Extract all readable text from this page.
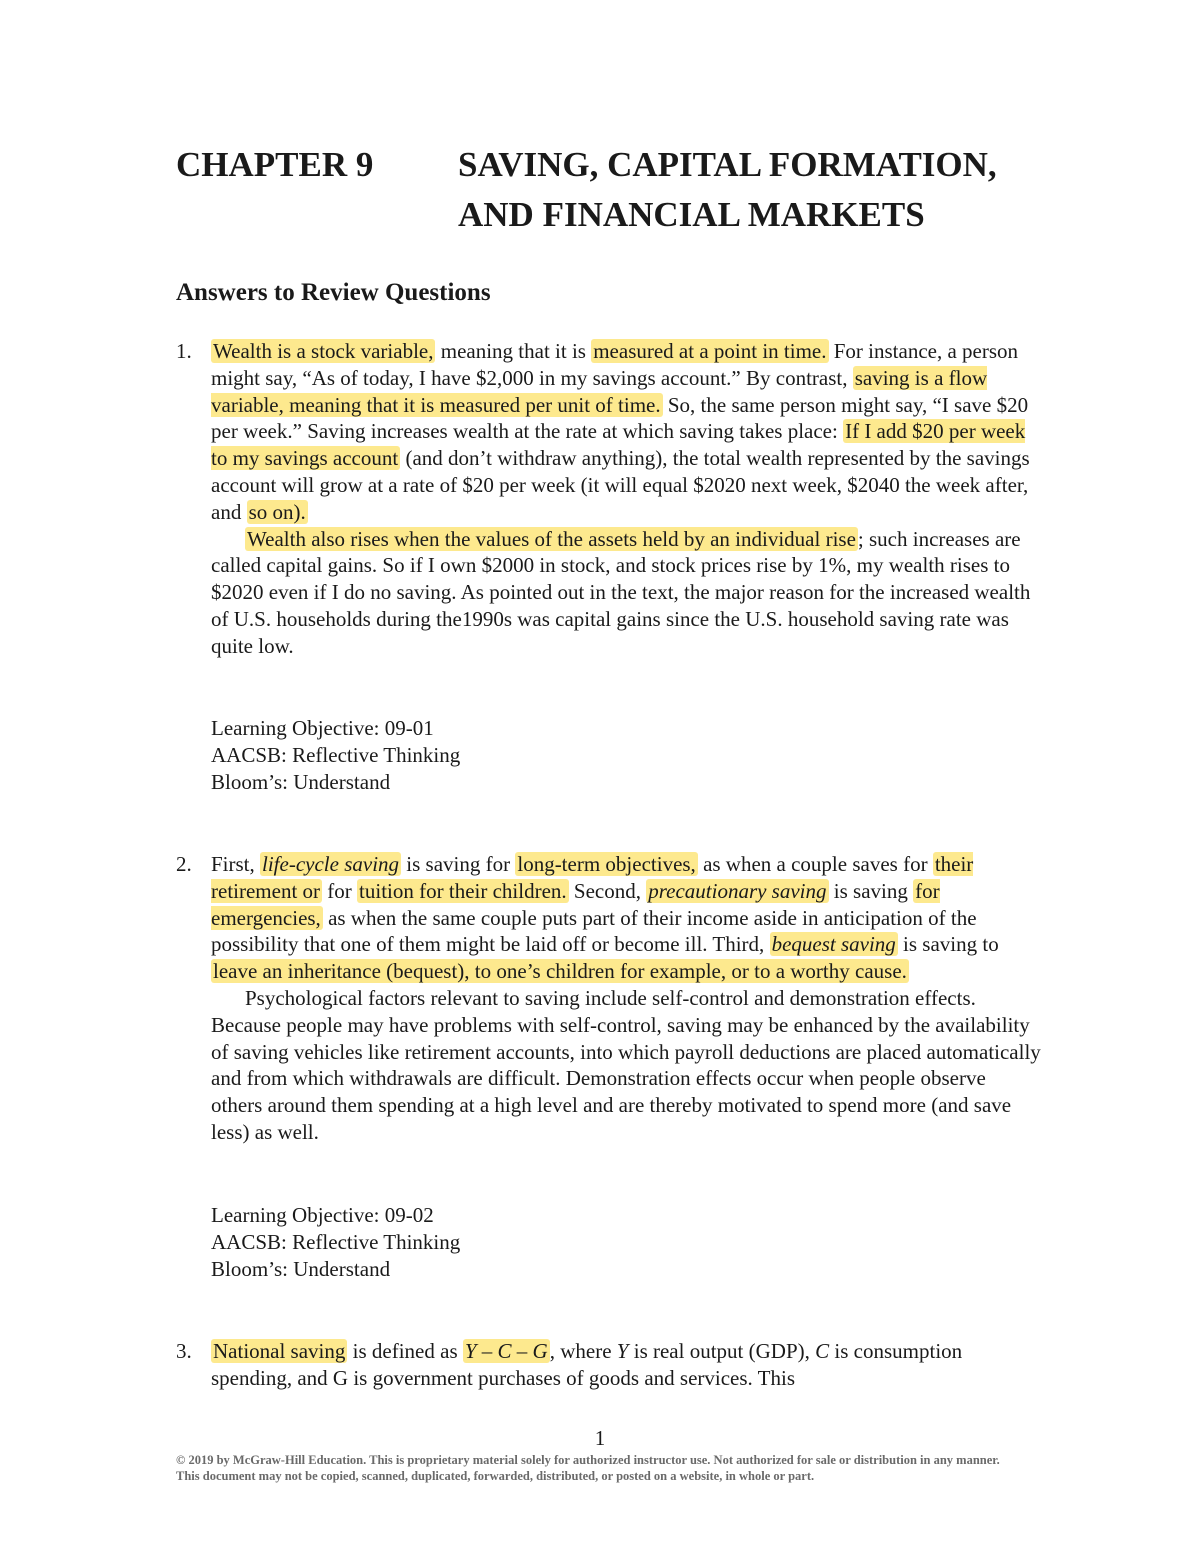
CHAPTER 9 SAVING, CAPITAL FORMATION,
AND FINANCIAL MARKETS
Answers to Review Questions
1. Wealth is a stock variable, meaning that it is measured at a point in time. For instance, a person might say, “As of today, I have $2,000 in my savings account.” By contrast, saving is a flow variable, meaning that it is measured per unit of time. So, the same person might say, “I save $20 per week.” Saving increases wealth at the rate at which saving takes place: If I add $20 per week to my savings account (and don’t withdraw anything), the total wealth represented by the savings account will grow at a rate of $20 per week (it will equal $2020 next week, $2040 the week after, and so on).

Wealth also rises when the values of the assets held by an individual rise; such increases are called capital gains. So if I own $2000 in stock, and stock prices rise by 1%, my wealth rises to $2020 even if I do no saving. As pointed out in the text, the major reason for the increased wealth of U.S. households during the1990s was capital gains since the U.S. household saving rate was quite low.

Learning Objective: 09-01
AACSB: Reflective Thinking
Bloom’s: Understand
2. First, life-cycle saving is saving for long-term objectives, as when a couple saves for their retirement or for tuition for their children. Second, precautionary saving is saving for emergencies, as when the same couple puts part of their income aside in anticipation of the possibility that one of them might be laid off or become ill. Third, bequest saving is saving to leave an inheritance (bequest), to one’s children for example, or to a worthy cause.

Psychological factors relevant to saving include self-control and demonstration effects. Because people may have problems with self-control, saving may be enhanced by the availability of saving vehicles like retirement accounts, into which payroll deductions are placed automatically and from which withdrawals are difficult. Demonstration effects occur when people observe others around them spending at a high level and are thereby motivated to spend more (and save less) as well.

Learning Objective: 09-02
AACSB: Reflective Thinking
Bloom’s: Understand
3. National saving is defined as Y – C – G, where Y is real output (GDP), C is consumption spending, and G is government purchases of goods and services. This

1
© 2019 by McGraw-Hill Education. This is proprietary material solely for authorized instructor use. Not authorized for sale or distribution in any manner. This document may not be copied, scanned, duplicated, forwarded, distributed, or posted on a website, in whole or part.
